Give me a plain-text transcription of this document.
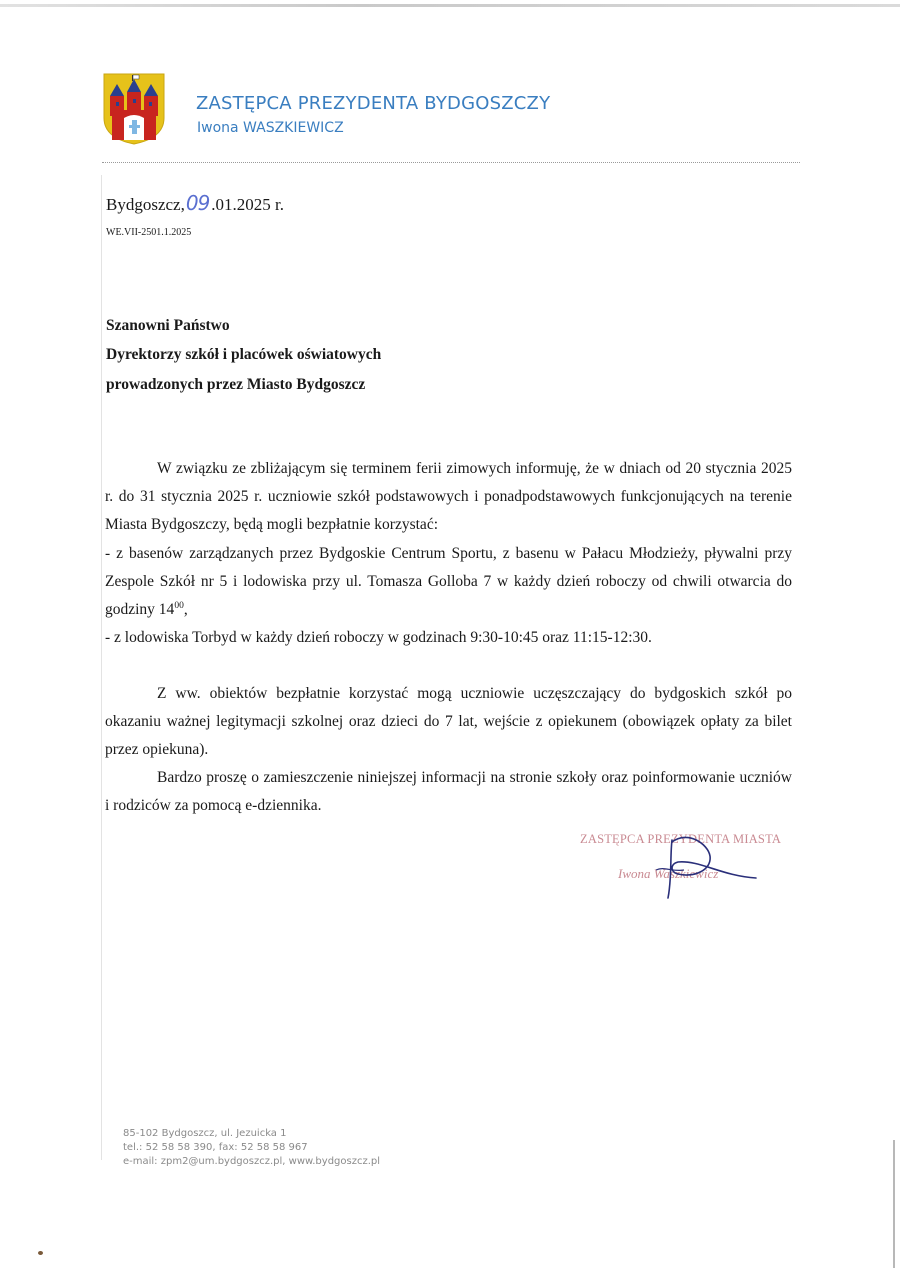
ZASTĘPCA PREZYDENTA BYDGOSZCZY
Iwona WASZKIEWICZ
Bydgoszcz,09 .01.2025 r.
WE.VII-2501.1.2025
Szanowni Państwo
Dyrektorzy szkół i placówek oświatowych
prowadzonych przez Miasto Bydgoszcz

W związku ze zbliżającym się terminem ferii zimowych informuję, że w dniach od 20 stycznia 2025 r. do 31 stycznia 2025 r. uczniowie szkół podstawowych i ponadpodstawowych funkcjonujących na terenie Miasta Bydgoszczy, będą mogli bezpłatnie korzystać:

- z basenów zarządzanych przez Bydgoskie Centrum Sportu, z basenu w Pałacu Młodzieży, pływalni przy Zespole Szkół nr 5 i lodowiska przy ul. Tomasza Golloba 7 w każdy dzień roboczy od chwili otwarcia do godziny $14^{00}$,

- z lodowiska Torbyd w każdy dzień roboczy w godzinach 9:30-10:45 oraz 11:15-12:30.

Z ww. obiektów bezpłatnie korzystać mogą uczniowie uczęszczający do bydgoskich szkół po okazaniu ważnej legitymacji szkolnej oraz dzieci do 7 lat, wejście z opiekunem (obowiązek opłaty za bilet przez opiekuna).

Bardzo proszę o zamieszczenie niniejszej informacji na stronie szkoły oraz poinformowanie uczniów i rodziców za pomocą e-dziennika.

ZASTĘPCA PREZYDENTA MIASTA
Iwona Waszkiewicz
85-102 Bydgoszcz, ul. Jezuicka 1
tel.: 52 58 58 390, fax: 52 58 58 967
e-mail: zpm2@um.bydgoszcz.pl, www.bydgoszcz.pl
